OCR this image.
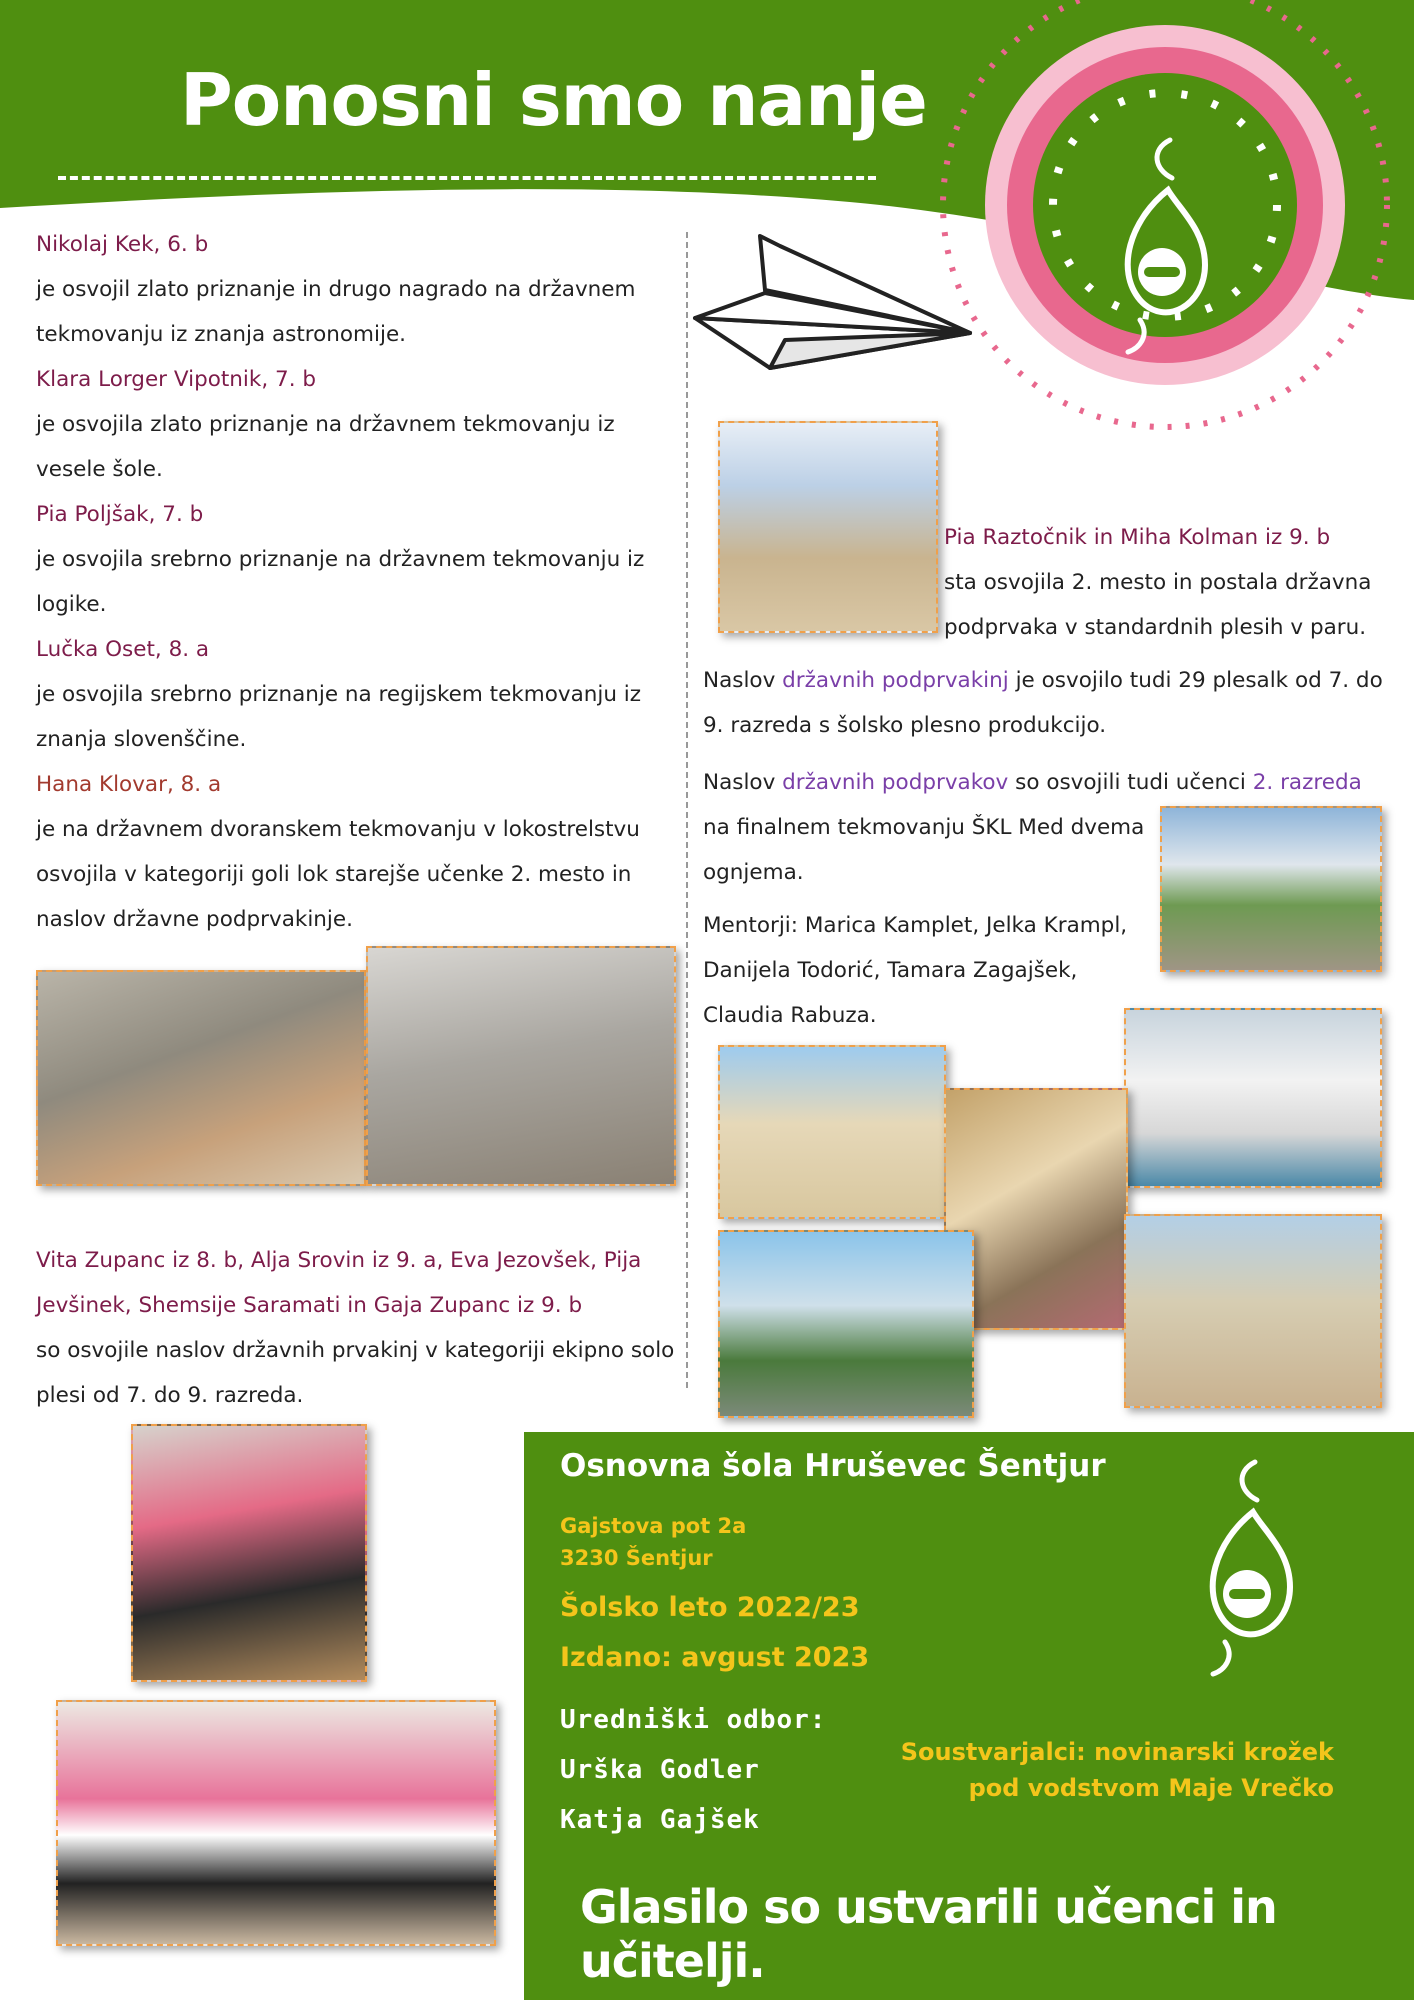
Ponosni smo nanje

Nikolaj Kek, 6. b

je osvojil zlato priznanje in drugo nagrado na državnem tekmovanju iz znanja astronomije.

Klara Lorger Vipotnik, 7. b

je osvojila zlato priznanje na državnem tekmovanju iz vesele šole.

Pia Poljšak, 7. b

je osvojila srebrno priznanje na državnem tekmovanju iz logike.

Lučka Oset, 8. a

je osvojila srebrno priznanje na regijskem tekmovanju iz znanja slovenščine.

Hana Klovar, 8. a

je na državnem dvoranskem tekmovanju v lokostrelstvu osvojila v kategoriji goli lok starejše učenke 2. mesto in naslov državne podprvakinje.

Vita Zupanc iz 8. b, Alja Srovin iz 9. a, Eva Jezovšek, Pija Jevšinek, Shemsije Saramati in Gaja Zupanc iz 9. b

so osvojile naslov državnih prvakinj v kategoriji ekipno solo plesi od 7. do 9. razreda.

Pia Raztočnik in Miha Kolman iz 9. b

sta osvojila 2. mesto in postala državna

podprvaka v standardnih plesih v paru.

Naslov državnih podprvakinj je osvojilo tudi 29 plesalk od 7. do 9. razreda s šolsko plesno produkcijo.

Naslov državnih podprvakov so osvojili tudi učenci 2. razreda

na finalnem tekmovanju ŠKL Med dvema

ognjema.

Mentorji: Marica Kamplet, Jelka Krampl,

Danijela Todorić, Tamara Zagajšek,

Claudia Rabuza.

Osnovna šola Hruševec Šentjur
Gajstova pot 2a
3230 Šentjur
Šolsko leto 2022/23
Izdano: avgust 2023
Uredniški odbor:
Urška Godler
Katja Gajšek
Soustvarjalci: novinarski krožek pod vodstvom Maje Vrečko
Glasilo so ustvarili učenci in učitelji.
